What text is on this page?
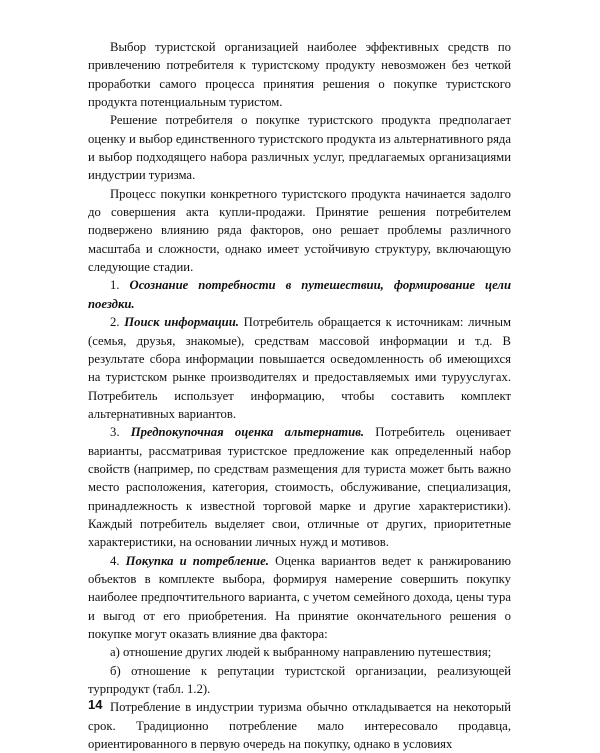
Выбор туристской организацией наиболее эффективных средств по привлечению потребителя к туристскому продукту невозможен без четкой проработки самого процесса принятия решения о покупке туристского продукта потенциальным туристом.

Решение потребителя о покупке туристского продукта предполагает оценку и выбор единственного туристского продукта из альтернативного ряда и выбор подходящего набора различных услуг, предлагаемых организациями индустрии туризма.

Процесс покупки конкретного туристского продукта начинается задолго до совершения акта купли-продажи. Принятие решения потребителем подвержено влиянию ряда факторов, оно решает проблемы различного масштаба и сложности, однако имеет устойчивую структуру, включающую следующие стадии.

1. Осознание потребности в путешествии, формирование цели поездки.

2. Поиск информации. Потребитель обращается к источникам: личным (семья, друзья, знакомые), средствам массовой информации и т.д. В результате сбора информации повышается осведомленность об имеющихся на туристском рынке производителях и предоставляемых ими турууслугах. Потребитель использует информацию, чтобы составить комплект альтернативных вариантов.

3. Предпокупочная оценка альтернатив. Потребитель оценивает варианты, рассматривая туристское предложение как определенный набор свойств (например, по средствам размещения для туриста может быть важно место расположения, категория, стоимость, обслуживание, специализация, принадлежность к известной торговой марке и другие характеристики). Каждый потребитель выделяет свои, отличные от других, приоритетные характеристики, на основании личных нужд и мотивов.

4. Покупка и потребление. Оценка вариантов ведет к ранжированию объектов в комплекте выбора, формируя намерение совершить покупку наиболее предпочтительного варианта, с учетом семейного дохода, цены тура и выгод от его приобретения. На принятие окончательного решения о покупке могут оказать влияние два фактора:

а) отношение других людей к выбранному направлению путешествия;

б) отношение к репутации туристской организации, реализующей турпродукт (табл. 1.2).

Потребление в индустрии туризма обычно откладывается на некоторый срок. Традиционно потребление мало интересовало продавца, ориентированного в первую очередь на покупку, однако в условиях

14
